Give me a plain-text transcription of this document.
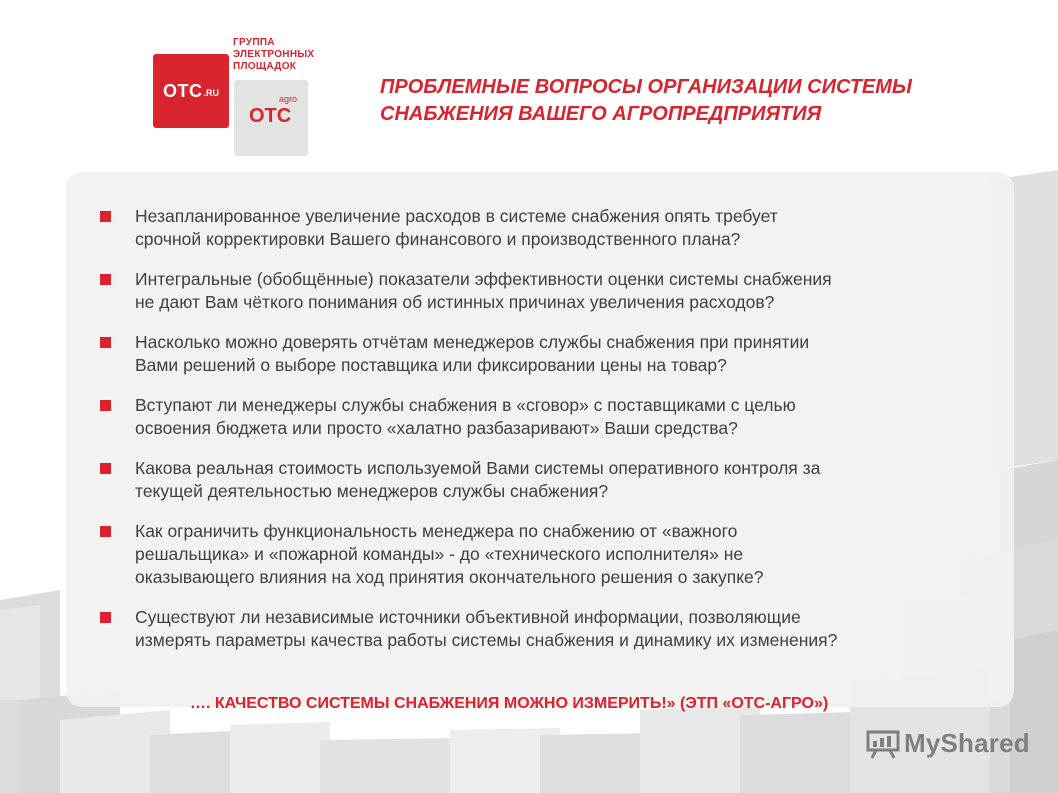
ОТС .RU
ГРУППА
ЭЛЕКТРОННЫХ
ПЛОЩАДОК
agro
ОТС
ПРОБЛЕМНЫЕ ВОПРОСЫ ОРГАНИЗАЦИИ СИСТЕМЫ
СНАБЖЕНИЯ ВАШЕГО АГРОПРЕДПРИЯТИЯ
Незапланированное увеличение расходов в системе снабжения опять требует
срочной корректировки Вашего финансового и производственного плана?
Интегральные (обобщённые) показатели эффективности оценки системы снабжения
не дают Вам чёткого понимания об истинных причинах увеличения расходов?
Насколько можно доверять отчётам менеджеров службы снабжения при принятии
Вами решений о выборе поставщика или фиксировании цены на товар?
Вступают ли менеджеры службы снабжения в «сговор» с поставщиками с целью
освоения бюджета или просто «халатно разбазаривают» Ваши средства?
Какова реальная стоимость используемой Вами системы оперативного контроля за
текущей деятельностью менеджеров службы снабжения?
Как ограничить функциональность менеджера по снабжению от «важного
решальщика» и «пожарной команды» - до «технического исполнителя» не
оказывающего влияния на ход принятия окончательного решения о закупке?
Существуют ли независимые источники объективной информации, позволяющие
измерять параметры качества работы системы снабжения и динамику их изменения?
…. КАЧЕСТВО СИСТЕМЫ СНАБЖЕНИЯ МОЖНО ИЗМЕРИТЬ!» (ЭТП «ОТС-АГРО»)
MyShared
